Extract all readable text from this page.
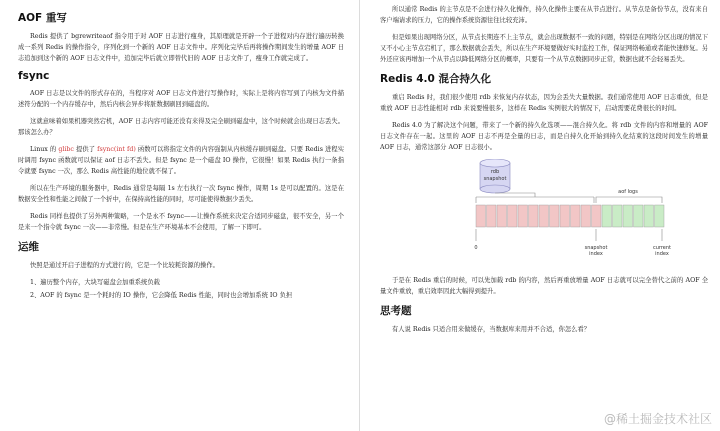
AOF 重写

Redis 提供了 bgrewriteaof 指令用于对 AOF 日志进行瘦身，其原理就是开辟一个子进程对内存进行遍历转换成一系列 Redis 的操作指令，序列化到一个新的 AOF 日志文件中。序列化完毕后再将操作期间发生的增量 AOF 日志追加到这个新的 AOF 日志文件中，追加完毕后就立即替代旧的 AOF 日志文件了，瘦身工作就完成了。

fsync

AOF 日志是以文件的形式存在的，当程序对 AOF 日志文件进行写操作时，实际上是将内容写到了内核为文件描述符分配的一个内存缓存中，然后内核会异步将脏数据刷回到磁盘的。

这就意味着如果机器突然宕机，AOF 日志内容可能还没有来得及完全刷到磁盘中，这个时候就会出现日志丢失。那该怎么办？

Linux 的 glibc 提供了 fsync(int fd) 函数可以将指定文件的内容强制从内核缓存刷到磁盘。只要 Redis 进程实时调用 fsync 函数就可以保证 aof 日志不丢失。但是 fsync 是一个磁盘 IO 操作，它很慢！如果 Redis 执行一条指令就要 fsync 一次，那么 Redis 高性能的地位就不保了。

所以在生产环境的服务器中，Redis 通常是每隔 1s 左右执行一次 fsync 操作，周期 1s 是可以配置的。这是在数据安全性和性能之间做了一个折中，在保持高性能的同时，尽可能使得数据少丢失。

Redis 同样也提供了另外两种策略，一个是永不 fsync——让操作系统来决定合适同步磁盘，很不安全，另一个是来一个指令就 fsync 一次——非常慢。但是在生产环境基本不会使用，了解一下即可。

运维

快照是通过开启子进程的方式进行的，它是一个比较耗资源的操作。

1、遍历整个内存，大块写磁盘会加重系统负载
2、AOF 的 fsync 是一个耗时的 IO 操作，它会降低 Redis 性能，同时也会增加系统 IO 负担

所以通常 Redis 的主节点是不会进行持久化操作，持久化操作主要在从节点进行。从节点是备份节点，没有来自客户端请求的压力，它的操作系统资源往往比较充沛。

但是如果出现网络分区，从节点长期连不上主节点，就会出现数据不一致的问题，特别是在网络分区出现的情况下又不小心主节点宕机了，那么数据就会丢失，所以在生产环境要做好实时监控工作，保证网络畅通或者能快速修复。另外还应该再增加一个从节点以降低网络分区的概率，只要有一个从节点数据同步正常，数据也就不会轻易丢失。

Redis 4.0 混合持久化

重启 Redis 时，我们很少使用 rdb 来恢复内存状态，因为会丢失大量数据。我们通常使用 AOF 日志重放，但是重放 AOF 日志性能相对 rdb 来说要慢很多，这样在 Redis 实例很大的情况下，启动需要花费很长的时间。

Redis 4.0 为了解决这个问题，带来了一个新的持久化选项——混合持久化。将 rdb 文件的内容和增量的 AOF 日志文件存在一起。这里的 AOF 日志不再是全量的日志，而是自持久化开始到持久化结束的这段时间发生的增量 AOF 日志，通常这部分 AOF 日志很小。

rdb
snapshot
aof logs
0	snapshot
index
current
index

于是在 Redis 重启的时候，可以先加载 rdb 的内容，然后再重放增量 AOF 日志就可以完全替代之前的 AOF 全量文件重放，重启效率因此大幅得到提升。

思考题

有人说 Redis 只适合用来做缓存，当数据库来用并不合适，你怎么看？

@稀土掘金技术社区
